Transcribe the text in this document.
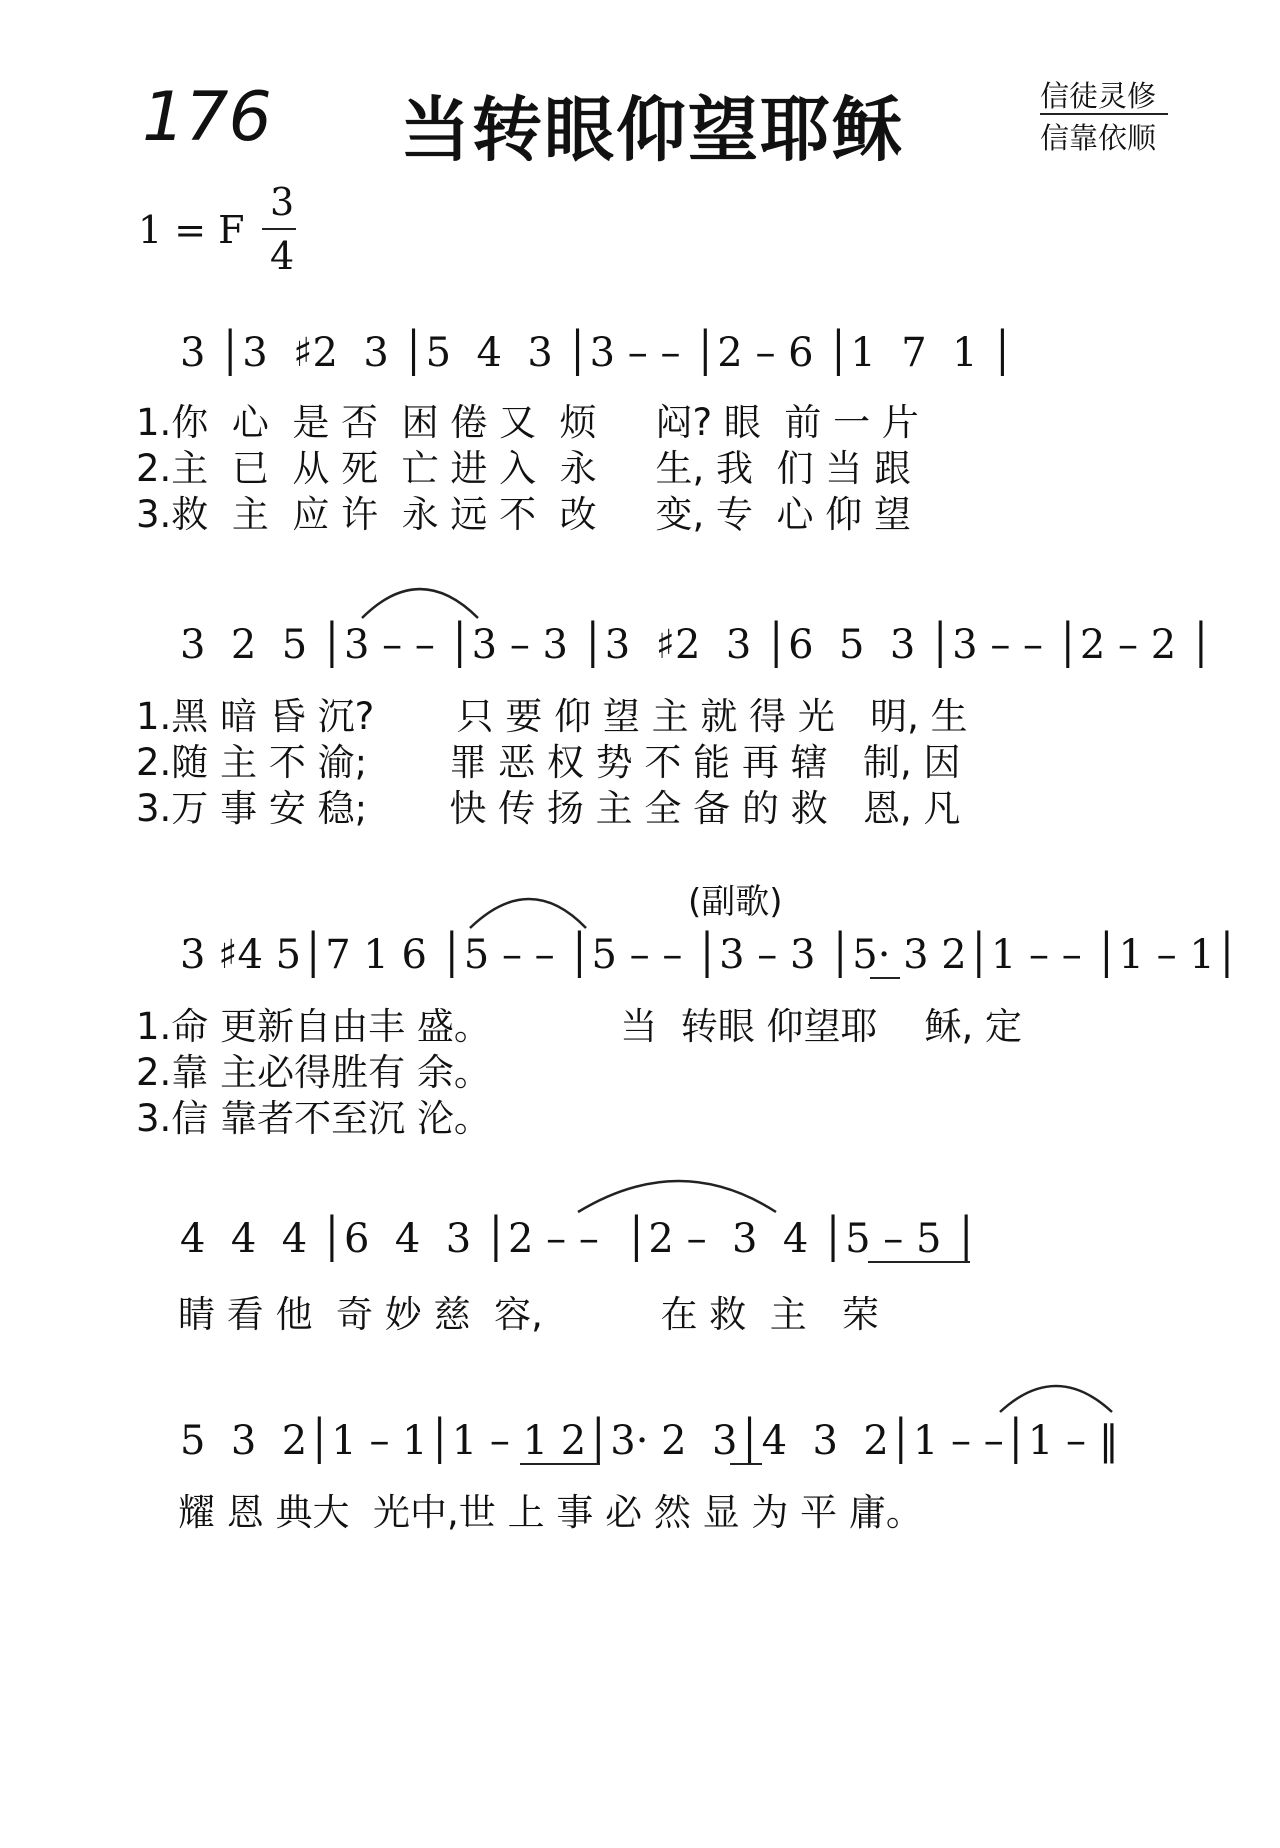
176 当转眼仰望耶稣	信徒灵修
信靠依顺
1 = F
3
4
3 │3  ♯2  3 │5  4  3 │3 – – │2 – 6 │1  7  1 │
1.你  心  是 否  困 倦 又  烦     闷? 眼  前 一 片
2.主  已  从 死  亡 进 入  永     生, 我  们 当 跟
3.救  主  应 许  永 远 不  改     变, 专  心 仰 望
3  2  5 │3 – – │3 – 3 │3  ♯2  3 │6  5  3 │3 – – │2 – 2 │
1.黑 暗 昏 沉?       只 要 仰 望 主 就 得 光   明, 生
2.随 主 不 渝;       罪 恶 权 势 不 能 再 辖   制, 因
3.万 事 安 稳;       快 传 扬 主 全 备 的 救   恩, 凡
(副歌)
3 ♯4 5│7 1 6 │5 – – │5 – – │3 – 3 │5· 3 2│1 – – │1 – 1│
1.命 更新自由丰 盛。           当  转眼 仰望耶    稣, 定
2.靠 主必得胜有 余。
3.信 靠者不至沉 沦。
4  4  4 │6  4  3 │2 – –  │2 –  3  4 │5 – 5 │
睛 看 他  奇 妙 慈  容,          在 救  主   荣
5  3  2│1 – 1│1 – 1 2│3· 2  3│4  3  2│1 – –│1 – ‖
耀 恩 典大  光中,世 上 事 必 然 显 为 平 庸。
